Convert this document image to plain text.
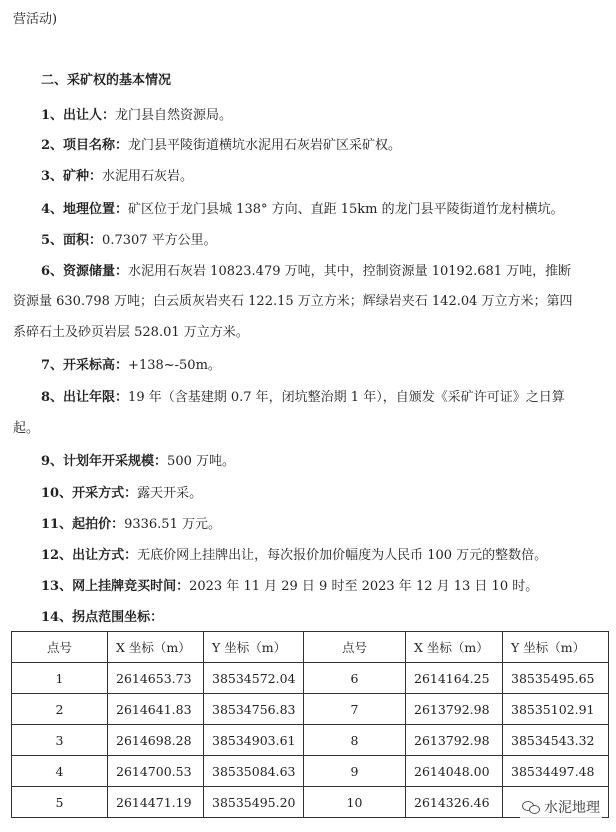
营活动)
二、采矿权的基本情况
1、出让人：龙门县自然资源局。
2、项目名称：龙门县平陵街道横坑水泥用石灰岩矿区采矿权。
3、矿种：水泥用石灰岩。
4、地理位置：矿区位于龙门县城 138° 方向、直距 15km 的龙门县平陵街道竹龙村横坑。
5、面积：0.7307 平方公里。
6、资源储量：水泥用石灰岩 10823.479 万吨，其中，控制资源量 10192.681 万吨，推断
资源量 630.798 万吨；白云质灰岩夹石 122.15 万立方米；辉绿岩夹石 142.04 万立方米；第四
系碎石土及砂页岩层 528.01 万立方米。
7、开采标高：+138~-50m。
8、出让年限：19 年（含基建期 0.7 年，闭坑整治期 1 年），自颁发《采矿许可证》之日算
起。
9、计划年开采规模：500 万吨。
10、开采方式：露天开采。
11、起拍价：9336.51 万元。
12、出让方式：无底价网上挂牌出让，每次报价加价幅度为人民币 100 万元的整数倍。
13、网上挂牌竞买时间：2023 年 11 月 29 日 9 时至 2023 年 12 月 13 日 10 时。
14、拐点范围坐标：
点号	X 坐标（m）	Y 坐标（m）	点号	X 坐标（m）	Y 坐标（m）
1	2614653.73	38534572.04	6	2614164.25	38535495.65
2	2614641.83	38534756.83	7	2613792.98	38535102.91
3	2614698.28	38534903.61	8	2613792.98	38534543.32
4	2614700.53	38535084.63	9	2614048.00	38534497.48
5	2614471.19	38535495.20	10	2614326.46		水泥地理
